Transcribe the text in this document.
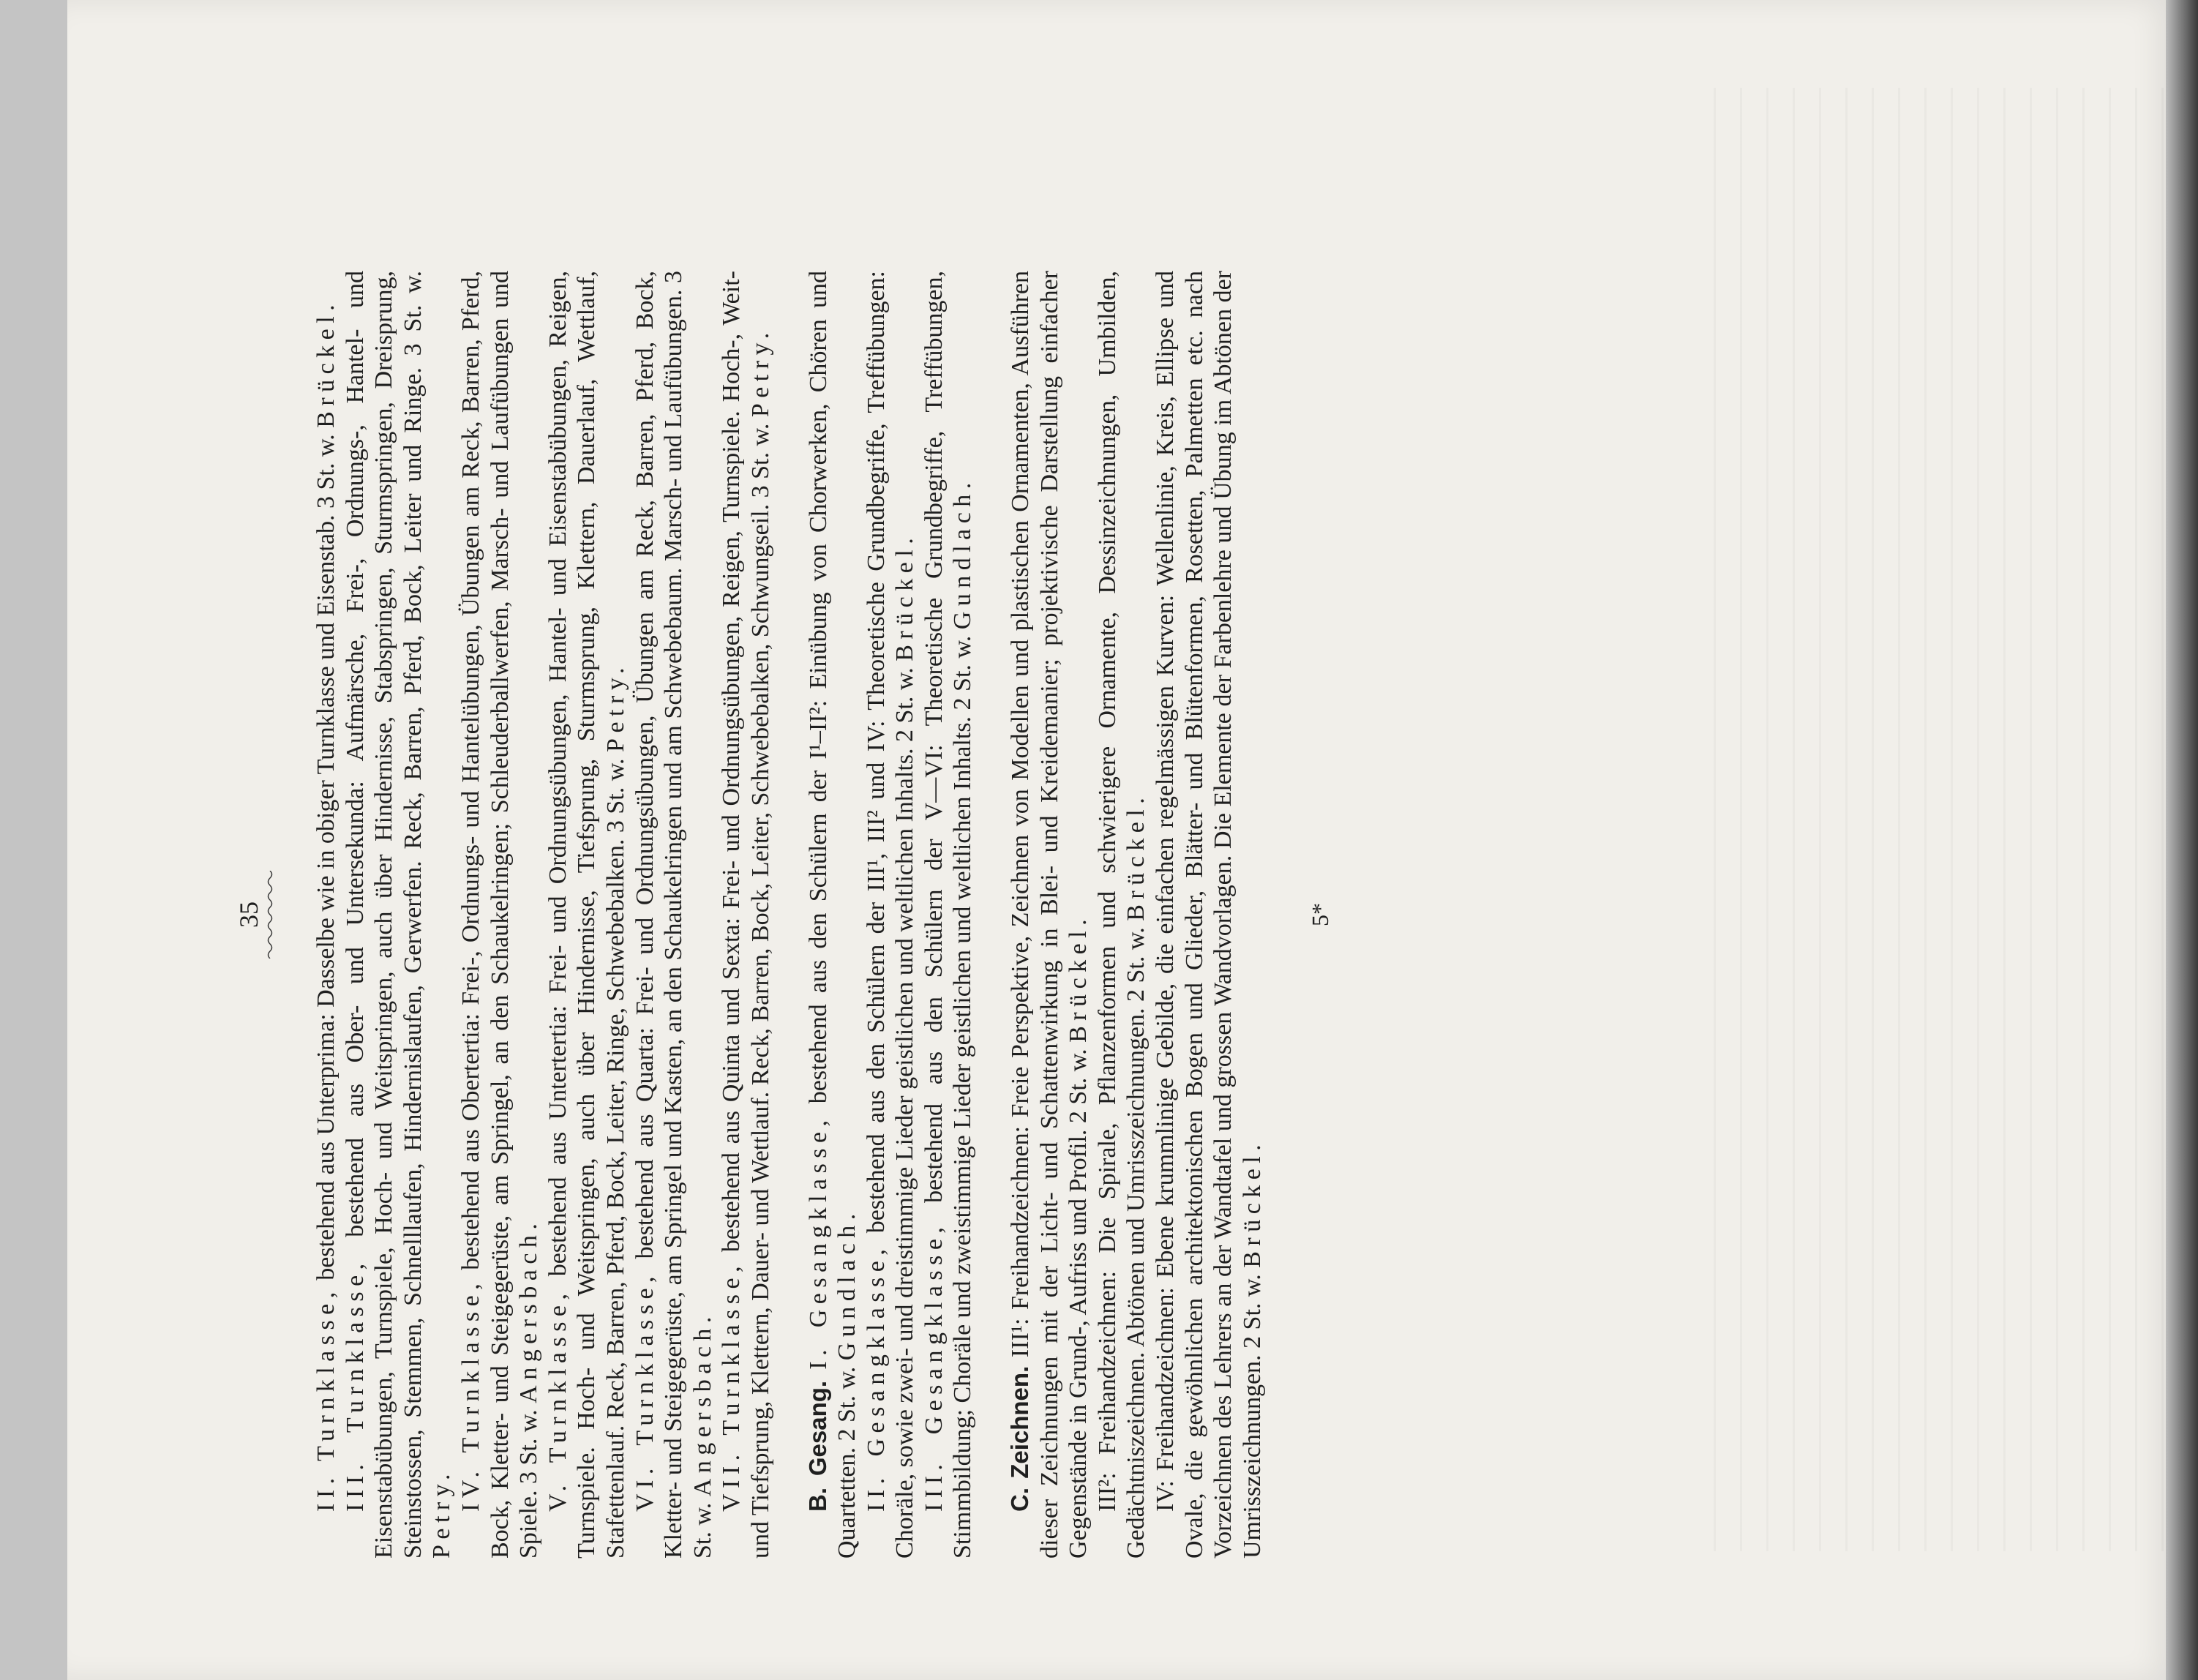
35

II. Turnklasse, bestehend aus Unterprima: Dasselbe wie in obiger Turnklasse und Eisenstab. 3 St. w. Brückel.

III. Turnklasse, bestehend aus Ober- und Untersekunda: Aufmärsche, Frei-, Ordnungs-, Hantel- und Eisenstabübungen, Turnspiele, Hoch- und Weitspringen, auch über Hindernisse, Stabspringen, Sturmspringen, Dreisprung, Steinstossen, Stemmen, Schnelllaufen, Hindernislaufen, Gerwerfen. Reck, Barren, Pferd, Bock, Leiter und Ringe. 3 St. w. Petry.

IV. Turnklasse, bestehend aus Obertertia: Frei-, Ordnungs- und Hantelübungen, Übungen am Reck, Barren, Pferd, Bock, Kletter- und Steigegerüste, am Springel, an den Schaukelringen; Schleuderballwerfen, Marsch- und Laufübungen und Spiele. 3 St. w. Angersbach. V. Turnklasse, bestehend aus Untertertia: Frei- und Ordnungsübungen, Hantel- und Eisenstabübungen, Reigen, Turnspiele. Hoch- und Weitspringen, auch über Hindernisse, Tiefsprung, Sturmsprung, Klettern, Dauerlauf, Wettlauf, Stafettenlauf. Reck, Barren, Pferd, Bock, Leiter, Ringe, Schwebebalken. 3 St. w. Petry.

VI. Turnklasse, bestehend aus Quarta: Frei- und Ordnungsübungen, Übungen am Reck, Barren, Pferd, Bock, Kletter- und Steigegerüste, am Springel und Kasten, an den Schaukelringen und am Schwebebaum. Marsch- und Laufübungen. 3 St. w. Angersbach. VII. Turnklasse, bestehend aus Quinta und Sexta: Frei- und Ordnungsübungen, Reigen, Turnspiele. Hoch-, Weit- und Tiefsprung, Klettern, Dauer- und Wettlauf. Reck, Barren, Bock, Leiter, Schwebebalken, Schwungseil. 3 St. w. Petry.

B. Gesang. I. Gesangklasse, bestehend aus den Schülern der I¹–II²: Einübung von Chorwerken, Chören und Quartetten. 2 St. w. Gundlach. II. Gesangklasse, bestehend aus den Schülern der III¹, III² und IV: Theoretische Grundbegriffe, Treffübungen: Choräle, sowie zwei- und dreistimmige Lieder geistlichen und weltlichen Inhalts. 2 St. w. Brückel.

III. Gesangklasse, bestehend aus den Schülern der V—VI: Theoretische Grundbegriffe, Treffübungen, Stimmbildung; Choräle und zweistimmige Lieder geistlichen und weltlichen Inhalts. 2 St. w. Gundlach.

C. Zeichnen. III¹: Freihandzeichnen: Freie Perspektive, Zeichnen von Modellen und plastischen Ornamenten, Ausführen dieser Zeichnungen mit der Licht- und Schattenwirkung in Blei- und Kreidemanier; projektivische Darstellung einfacher Gegenstände in Grund-, Aufriss und Profil. 2 St. w. Brückel.

III²: Freihandzeichnen: Die Spirale, Pflanzenformen und schwierigere Ornamente, Dessinzeichnungen, Umbilden, Gedächtniszeichnen. Abtönen und Umrisszeichnungen. 2 St. w. Brückel.

IV: Freihandzeichnen: Ebene krummlinige Gebilde, die einfachen regelmässigen Kurven: Wellenlinie, Kreis, Ellipse und Ovale, die gewöhnlichen architektonischen Bogen und Glieder, Blätter- und Blütenformen, Rosetten, Palmetten etc. nach Vorzeichnen des Lehrers an der Wandtafel und grossen Wandvorlagen. Die Elemente der Farbenlehre und Übung im Abtönen der Umrisszeichnungen. 2 St. w. Brückel.

5*
